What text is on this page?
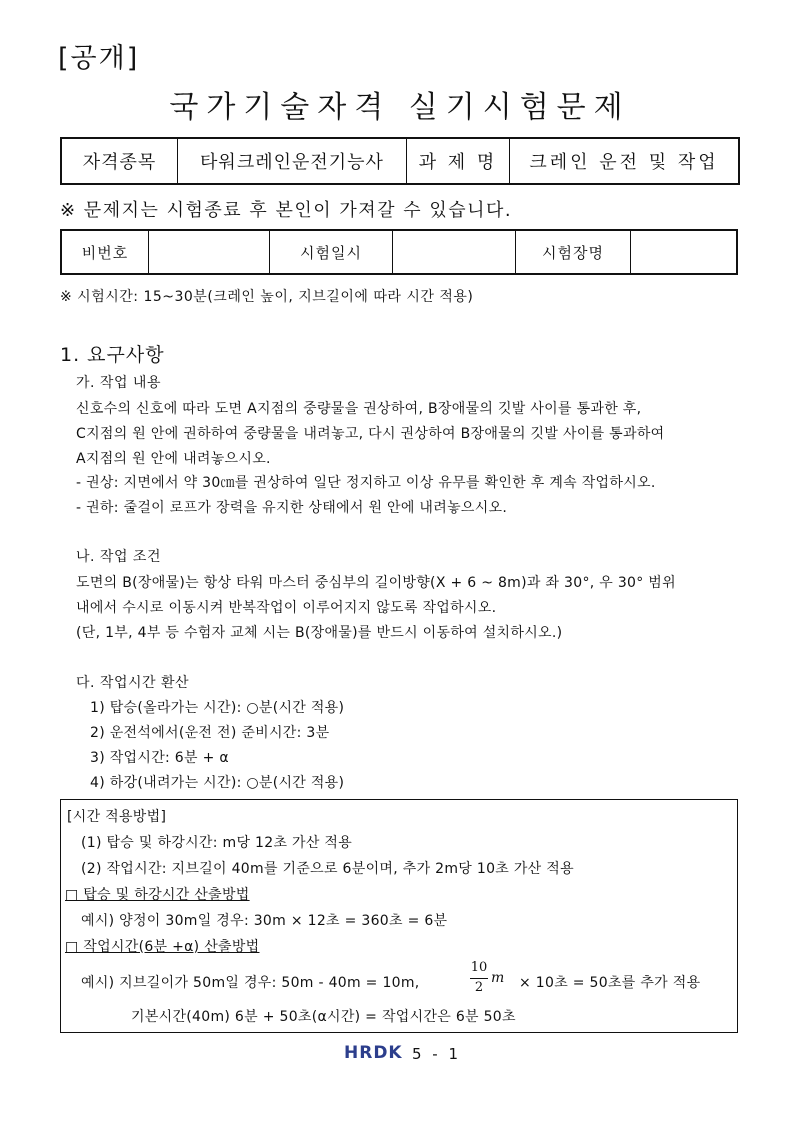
[공개]
국가기술자격 실기시험문제
자격종목	타워크레인운전기능사	과 제 명	크레인 운전 및 작업
※ 문제지는 시험종료 후 본인이 가져갈 수 있습니다.
비번호		시험일시		시험장명	
※ 시험시간: 15~30분(크레인 높이, 지브길이에 따라 시간 적용)
1. 요구사항
가. 작업 내용
신호수의 신호에 따라 도면 A지점의 중량물을 권상하여, B장애물의 깃발 사이를 통과한 후,
C지점의 원 안에 권하하여 중량물을 내려놓고, 다시 권상하여 B장애물의 깃발 사이를 통과하여
A지점의 원 안에 내려놓으시오.
- 권상: 지면에서 약 30㎝를 권상하여 일단 정지하고 이상 유무를 확인한 후 계속 작업하시오.
- 권하: 줄걸이 로프가 장력을 유지한 상태에서 원 안에 내려놓으시오.
나. 작업 조건
도면의 B(장애물)는 항상 타워 마스터 중심부의 길이방향(X + 6 ~ 8m)과 좌 30°, 우 30° 범위
내에서 수시로 이동시켜 반복작업이 이루어지지 않도록 작업하시오.
(단, 1부, 4부 등 수험자 교체 시는 B(장애물)를 반드시 이동하여 설치하시오.)
다. 작업시간 환산
1) 탑승(올라가는 시간): ○분(시간 적용)
2) 운전석에서(운전 전) 준비시간: 3분
3) 작업시간: 6분 + α
4) 하강(내려가는 시간): ○분(시간 적용)
[시간 적용방법]
(1) 탑승 및 하강시간: m당 12초 가산 적용
(2) 작업시간: 지브길이 40m를 기준으로 6분이며, 추가 2m당 10초 가산 적용
□ 탑승 및 하강시간 산출방법
예시) 양정이 30m일 경우: 30m × 12초 = 360초 = 6분
□ 작업시간(6분 +α) 산출방법
예시) 지브길이가 50m일 경우: 50m - 40m = 10m,
10
2
m × 10초 = 50초를 추가 적용
기본시간(40m) 6분 + 50초(α시간) = 작업시간은 6분 50초
HRDK 5 - 1
